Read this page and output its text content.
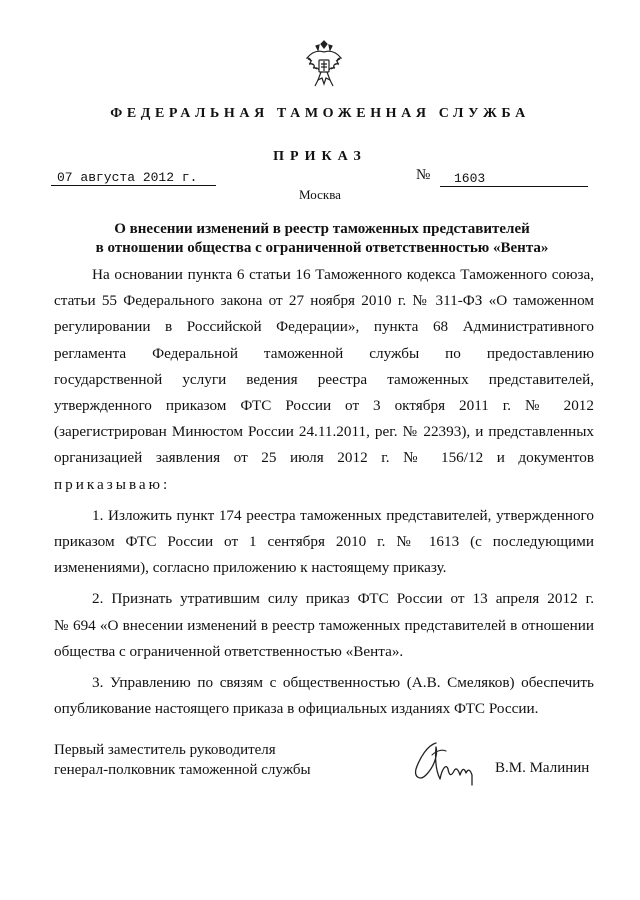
ФЕДЕРАЛЬНАЯ ТАМОЖЕННАЯ СЛУЖБА
ПРИКАЗ
07 августа 2012 г.	№	1603
Москва
О внесении изменений в реестр таможенных представителей
в отношении общества с ограниченной ответственностью «Вента»

На основании пункта 6 статьи 16 Таможенного кодекса Таможенного союза,
статьи 55 Федерального закона от 27 ноября 2010 г. № 311-ФЗ «О таможенном
регулировании в Российской Федерации», пункта 68 Административного
регламента Федеральной таможенной службы по предоставлению
государственной услуги ведения реестра таможенных представителей,
утвержденного приказом ФТС России от 3 октября 2011 г. № 2012
(зарегистрирован Минюстом России 24.11.2011, рег. № 22393), и представленных
организацией заявления от 25 июля 2012 г. № 156/12 и документов
приказываю:

1. Изложить пункт 174 реестра таможенных представителей, утвержденного
приказом ФТС России от 1 сентября 2010 г. № 1613 (с последующими
изменениями), согласно приложению к настоящему приказу.

2. Признать утратившим силу приказ ФТС России от 13 апреля 2012 г.
№ 694 «О внесении изменений в реестр таможенных представителей в отношении
общества с ограниченной ответственностью «Вента».

3. Управлению по связям с общественностью (А.В. Смеляков) обеспечить
опубликование настоящего приказа в официальных изданиях ФТС России.

Первый заместитель руководителя
генерал-полковник таможенной службы	В.М. Малинин
